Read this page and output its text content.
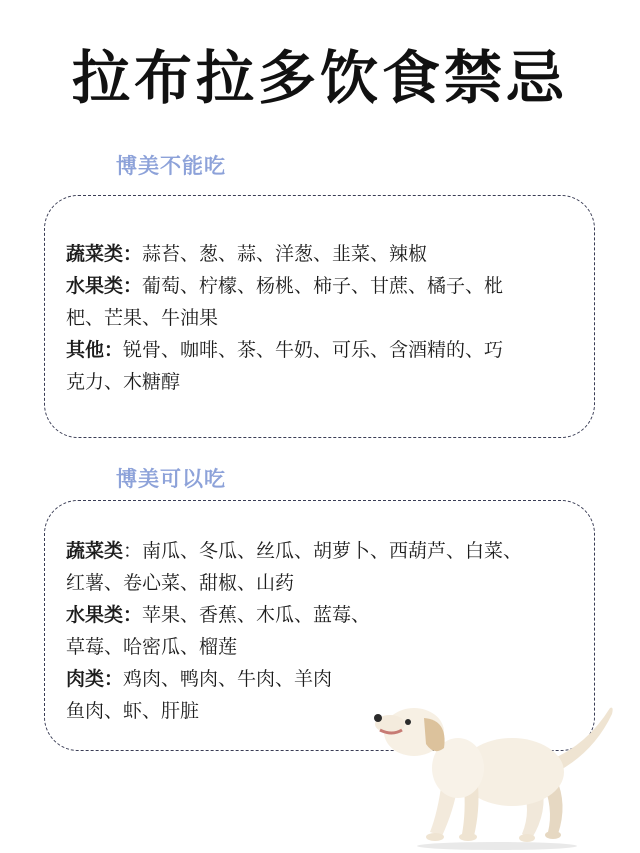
拉布拉多饮食禁忌
博美不能吃
蔬菜类：蒜苔、葱、蒜、洋葱、韭菜、辣椒
水果类：葡萄、柠檬、杨桃、柿子、甘蔗、橘子、枇
杷、芒果、牛油果
其他：锐骨、咖啡、茶、牛奶、可乐、含酒精的、巧
克力、木糖醇
博美可以吃
蔬菜类：南瓜、冬瓜、丝瓜、胡萝卜、西葫芦、白菜、
红薯、卷心菜、甜椒、山药
水果类：苹果、香蕉、木瓜、蓝莓、
草莓、哈密瓜、榴莲
肉类：鸡肉、鸭肉、牛肉、羊肉
鱼肉、虾、肝脏
